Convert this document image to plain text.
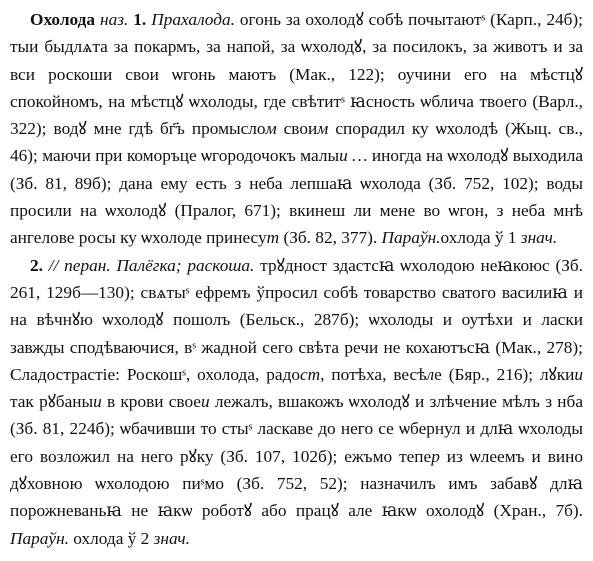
Охолода наз. 1. Прахалода. огонь за охолодꙋ собѣ почытаютˢ (Карп., 24б); тыи быдлѧта за покармъ, за напой, за ѡхолодꙋ, за посилокъ, за животъ и за вси роскоши свои ѡгонь маютъ (Мак., 122); оучини его на мѣстцꙋ спокойномъ, на мѣстцꙋ ѡхолоды, где свѣтитˢ ꙗсность ѡблича твоего (Варл., 322); водꙋ мне гдѣ бг҃ъ промыслом своим спорадил ку ѡхолодѣ (Жыц. св., 46); маючи при коморъце ѡгородочокъ малыи … иногда на ѡхолодꙋ выходила (Зб. 81, 89б); дана ему есть з неба лепшаꙗ ѡхолода (Зб. 752, 102); воды просили на ѡхолодꙋ (Пралог, 671); вкинеш ли мене во ѡгон, з неба мнѣ ангелове росы ку ѡхолоде принесут (Зб. 82, 377). Параўн.охлода ў 1 знач.

2. // перан. Палёгка; раскоша. трꙋдност здастсꙗ ѡхолодою неꙗкоюс (Зб. 261, 129б—130); свѧтыˢ ефремъ ўпросил собѣ товарство сватого василиꙗ и на вѣчнꙋю ѡхолодꙋ пошолъ (Бельск., 287б); ѡхолоды и оутѣхи и ласки завжды сподѣваючися, вˢ жадной сего свѣта речи не кохаютъсꙗ (Мак., 278); Сладострастіе: Роскошˢ, охолода, радост, потѣха, весѣле (Бяр., 216); лꙋкии так рꙋбаныи в крови своеи лежалъ, вшакожъ ѡхолодꙋ и злѣчение мѣлъ з нба (Зб. 81, 224б); ѡбачивши то стыˢ ласкаве до него се ѡбернул и длꙗ ѡхолоды его возложил на него рꙋку (Зб. 107, 102б); ежъмо тепер из ѡлеемъ и вино дꙋховною ѡхолодою пиˢмо (Зб. 752, 52); назначилъ имъ забавꙋ длꙗ порожневаньꙗ не ꙗкѡ роботꙋ або працꙋ але ꙗкѡ охолодꙋ (Хран., 7б). Параўн. охлода ў 2 знач.
